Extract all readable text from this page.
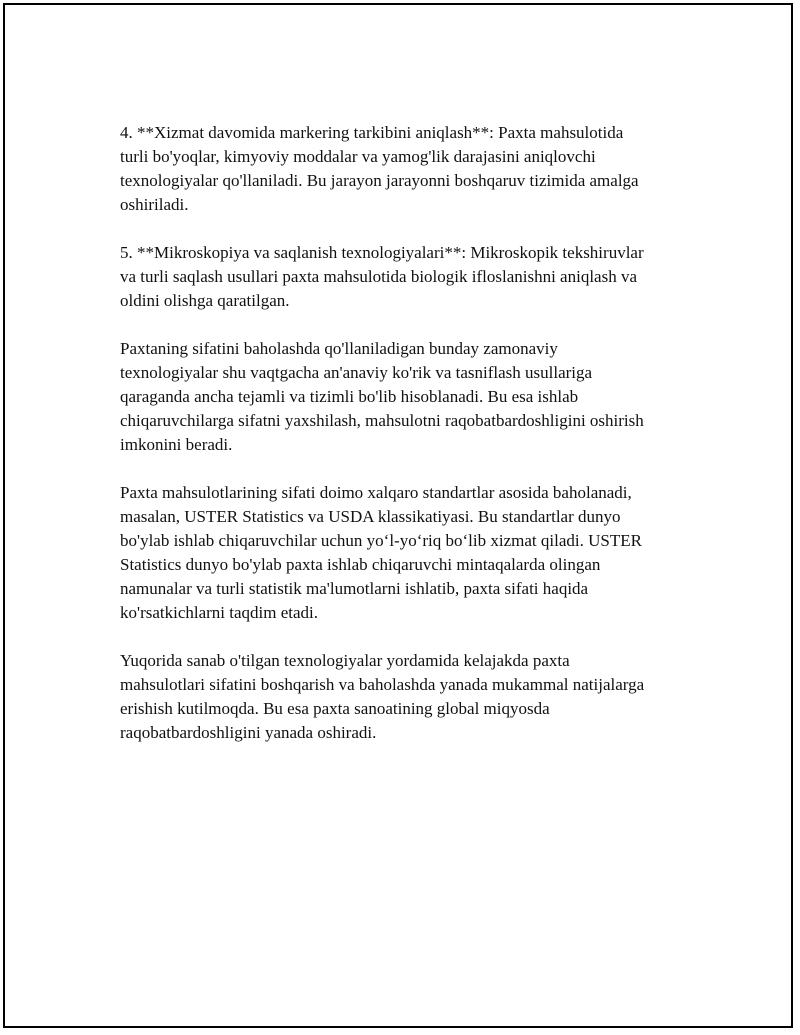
4. **Xizmat davomida markering tarkibini aniqlash**: Paxta mahsulotida
turli bo'yoqlar, kimyoviy moddalar va yamog'lik darajasini aniqlovchi
texnologiyalar qo'llaniladi. Bu jarayon jarayonni boshqaruv tizimida amalga
oshiriladi.

5. **Mikroskopiya va saqlanish texnologiyalari**: Mikroskopik tekshiruvlar
va turli saqlash usullari paxta mahsulotida biologik ifloslanishni aniqlash va
oldini olishga qaratilgan.

Paxtaning sifatini baholashda qo'llaniladigan bunday zamonaviy
texnologiyalar shu vaqtgacha an'anaviy ko'rik va tasniflash usullariga
qaraganda ancha tejamli va tizimli bo'lib hisoblanadi. Bu esa ishlab
chiqaruvchilarga sifatni yaxshilash, mahsulotni raqobatbardoshligini oshirish
imkonini beradi.

Paxta mahsulotlarining sifati doimo xalqaro standartlar asosida baholanadi,
masalan, USTER Statistics va USDA klassikatiyasi. Bu standartlar dunyo
bo'ylab ishlab chiqaruvchilar uchun yo‘l-yo‘riq bo‘lib xizmat qiladi. USTER
Statistics dunyo bo'ylab paxta ishlab chiqaruvchi mintaqalarda olingan
namunalar va turli statistik ma'lumotlarni ishlatib, paxta sifati haqida
ko'rsatkichlarni taqdim etadi.

Yuqorida sanab o'tilgan texnologiyalar yordamida kelajakda paxta
mahsulotlari sifatini boshqarish va baholashda yanada mukammal natijalarga
erishish kutilmoqda. Bu esa paxta sanoatining global miqyosda
raqobatbardoshligini yanada oshiradi.
